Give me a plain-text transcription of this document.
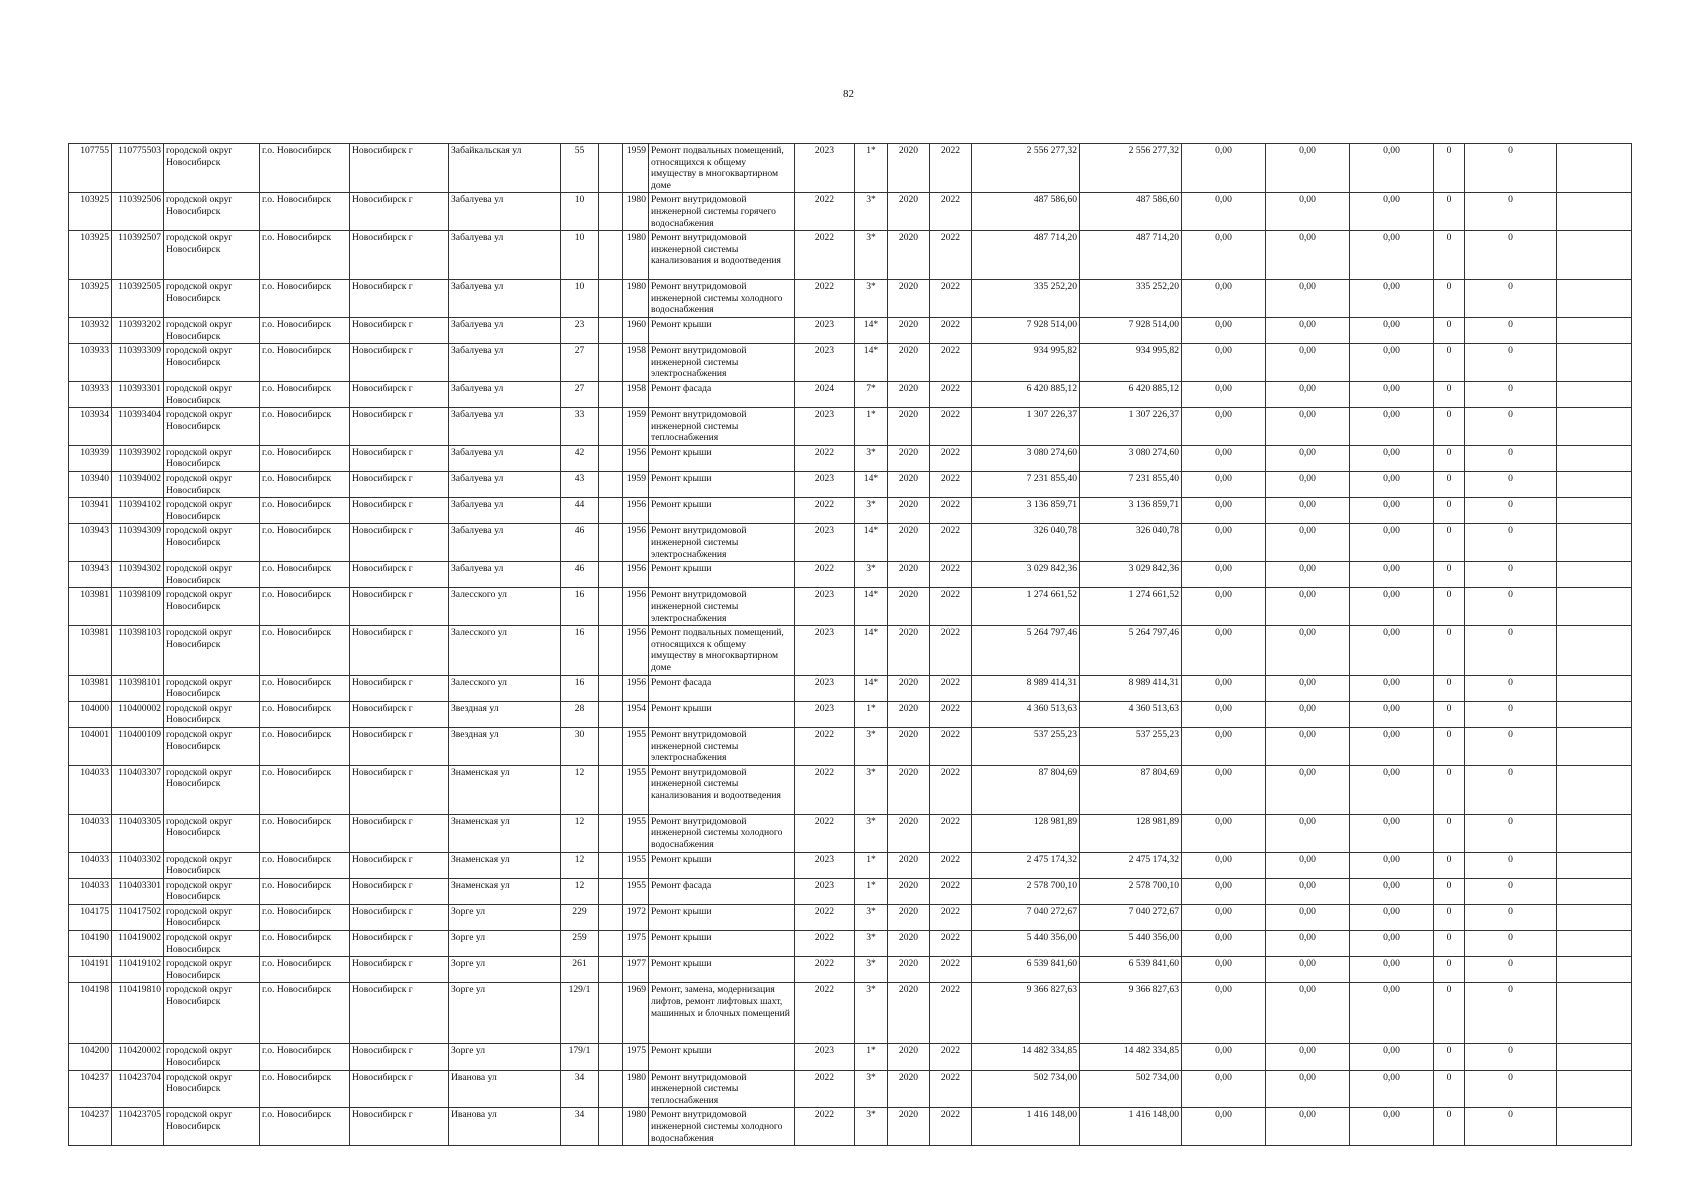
82
107755	110775503	городской округ Новосибирск	г.о. Новосибирск	Новосибирск г	Забайкальская ул	55		1959	Ремонт подвальных помещений, относящихся к общему имуществу в многоквартирном доме	2023	1*	2020	2022	2 556 277,32	2 556 277,32	0,00	0,00	0,00	0	0	
103925	110392506	городской округ Новосибирск	г.о. Новосибирск	Новосибирск г	Забалуева ул	10		1980	Ремонт внутридомовой инженерной системы горячего водоснабжения	2022	3*	2020	2022	487 586,60	487 586,60	0,00	0,00	0,00	0	0	
103925	110392507	городской округ Новосибирск	г.о. Новосибирск	Новосибирск г	Забалуева ул	10		1980	Ремонт внутридомовой инженерной системы канализования и водоотведения	2022	3*	2020	2022	487 714,20	487 714,20	0,00	0,00	0,00	0	0	
103925	110392505	городской округ Новосибирск	г.о. Новосибирск	Новосибирск г	Забалуева ул	10		1980	Ремонт внутридомовой инженерной системы холодного водоснабжения	2022	3*	2020	2022	335 252,20	335 252,20	0,00	0,00	0,00	0	0	
103932	110393202	городской округ Новосибирск	г.о. Новосибирск	Новосибирск г	Забалуева ул	23		1960	Ремонт крыши	2023	14*	2020	2022	7 928 514,00	7 928 514,00	0,00	0,00	0,00	0	0	
103933	110393309	городской округ Новосибирск	г.о. Новосибирск	Новосибирск г	Забалуева ул	27		1958	Ремонт внутридомовой инженерной системы электроснабжения	2023	14*	2020	2022	934 995,82	934 995,82	0,00	0,00	0,00	0	0	
103933	110393301	городской округ Новосибирск	г.о. Новосибирск	Новосибирск г	Забалуева ул	27		1958	Ремонт фасада	2024	7*	2020	2022	6 420 885,12	6 420 885,12	0,00	0,00	0,00	0	0	
103934	110393404	городской округ Новосибирск	г.о. Новосибирск	Новосибирск г	Забалуева ул	33		1959	Ремонт внутридомовой инженерной системы теплоснабжения	2023	1*	2020	2022	1 307 226,37	1 307 226,37	0,00	0,00	0,00	0	0	
103939	110393902	городской округ Новосибирск	г.о. Новосибирск	Новосибирск г	Забалуева ул	42		1956	Ремонт крыши	2022	3*	2020	2022	3 080 274,60	3 080 274,60	0,00	0,00	0,00	0	0	
103940	110394002	городской округ Новосибирск	г.о. Новосибирск	Новосибирск г	Забалуева ул	43		1959	Ремонт крыши	2023	14*	2020	2022	7 231 855,40	7 231 855,40	0,00	0,00	0,00	0	0	
103941	110394102	городской округ Новосибирск	г.о. Новосибирск	Новосибирск г	Забалуева ул	44		1956	Ремонт крыши	2022	3*	2020	2022	3 136 859,71	3 136 859,71	0,00	0,00	0,00	0	0	
103943	110394309	городской округ Новосибирск	г.о. Новосибирск	Новосибирск г	Забалуева ул	46		1956	Ремонт внутридомовой инженерной системы электроснабжения	2023	14*	2020	2022	326 040,78	326 040,78	0,00	0,00	0,00	0	0	
103943	110394302	городской округ Новосибирск	г.о. Новосибирск	Новосибирск г	Забалуева ул	46		1956	Ремонт крыши	2022	3*	2020	2022	3 029 842,36	3 029 842,36	0,00	0,00	0,00	0	0	
103981	110398109	городской округ Новосибирск	г.о. Новосибирск	Новосибирск г	Залесского ул	16		1956	Ремонт внутридомовой инженерной системы электроснабжения	2023	14*	2020	2022	1 274 661,52	1 274 661,52	0,00	0,00	0,00	0	0	
103981	110398103	городской округ Новосибирск	г.о. Новосибирск	Новосибирск г	Залесского ул	16		1956	Ремонт подвальных помещений, относящихся к общему имуществу в многоквартирном доме	2023	14*	2020	2022	5 264 797,46	5 264 797,46	0,00	0,00	0,00	0	0	
103981	110398101	городской округ Новосибирск	г.о. Новосибирск	Новосибирск г	Залесского ул	16		1956	Ремонт фасада	2023	14*	2020	2022	8 989 414,31	8 989 414,31	0,00	0,00	0,00	0	0	
104000	110400002	городской округ Новосибирск	г.о. Новосибирск	Новосибирск г	Звездная ул	28		1954	Ремонт крыши	2023	1*	2020	2022	4 360 513,63	4 360 513,63	0,00	0,00	0,00	0	0	
104001	110400109	городской округ Новосибирск	г.о. Новосибирск	Новосибирск г	Звездная ул	30		1955	Ремонт внутридомовой инженерной системы электроснабжения	2022	3*	2020	2022	537 255,23	537 255,23	0,00	0,00	0,00	0	0	
104033	110403307	городской округ Новосибирск	г.о. Новосибирск	Новосибирск г	Знаменская ул	12		1955	Ремонт внутридомовой инженерной системы канализования и водоотведения	2022	3*	2020	2022	87 804,69	87 804,69	0,00	0,00	0,00	0	0	
104033	110403305	городской округ Новосибирск	г.о. Новосибирск	Новосибирск г	Знаменская ул	12		1955	Ремонт внутридомовой инженерной системы холодного водоснабжения	2022	3*	2020	2022	128 981,89	128 981,89	0,00	0,00	0,00	0	0	
104033	110403302	городской округ Новосибирск	г.о. Новосибирск	Новосибирск г	Знаменская ул	12		1955	Ремонт крыши	2023	1*	2020	2022	2 475 174,32	2 475 174,32	0,00	0,00	0,00	0	0	
104033	110403301	городской округ Новосибирск	г.о. Новосибирск	Новосибирск г	Знаменская ул	12		1955	Ремонт фасада	2023	1*	2020	2022	2 578 700,10	2 578 700,10	0,00	0,00	0,00	0	0	
104175	110417502	городской округ Новосибирск	г.о. Новосибирск	Новосибирск г	Зорге ул	229		1972	Ремонт крыши	2022	3*	2020	2022	7 040 272,67	7 040 272,67	0,00	0,00	0,00	0	0	
104190	110419002	городской округ Новосибирск	г.о. Новосибирск	Новосибирск г	Зорге ул	259		1975	Ремонт крыши	2022	3*	2020	2022	5 440 356,00	5 440 356,00	0,00	0,00	0,00	0	0	
104191	110419102	городской округ Новосибирск	г.о. Новосибирск	Новосибирск г	Зорге ул	261		1977	Ремонт крыши	2022	3*	2020	2022	6 539 841,60	6 539 841,60	0,00	0,00	0,00	0	0	
104198	110419810	городской округ Новосибирск	г.о. Новосибирск	Новосибирск г	Зорге ул	129/1		1969	Ремонт, замена, модернизация лифтов, ремонт лифтовых шахт, машинных и блочных помещений	2022	3*	2020	2022	9 366 827,63	9 366 827,63	0,00	0,00	0,00	0	0	
104200	110420002	городской округ Новосибирск	г.о. Новосибирск	Новосибирск г	Зорге ул	179/1		1975	Ремонт крыши	2023	1*	2020	2022	14 482 334,85	14 482 334,85	0,00	0,00	0,00	0	0	
104237	110423704	городской округ Новосибирск	г.о. Новосибирск	Новосибирск г	Иванова ул	34		1980	Ремонт внутридомовой инженерной системы теплоснабжения	2022	3*	2020	2022	502 734,00	502 734,00	0,00	0,00	0,00	0	0	
104237	110423705	городской округ Новосибирск	г.о. Новосибирск	Новосибирск г	Иванова ул	34		1980	Ремонт внутридомовой инженерной системы холодного водоснабжения	2022	3*	2020	2022	1 416 148,00	1 416 148,00	0,00	0,00	0,00	0	0	
